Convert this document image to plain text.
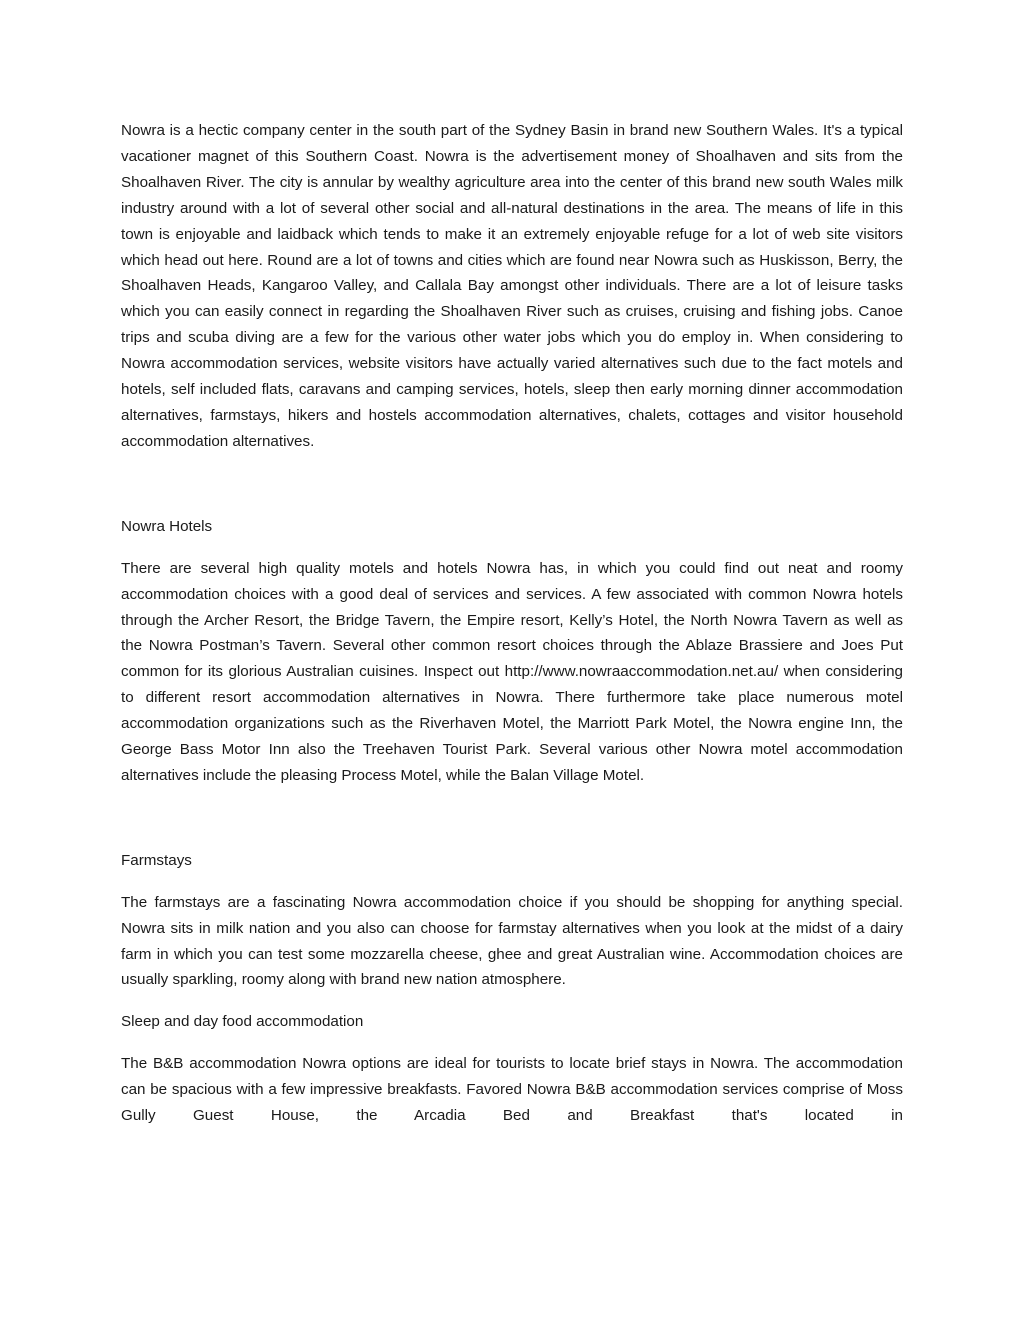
Nowra is a hectic company center in the south part of the Sydney Basin in brand new Southern Wales. It's a typical vacationer magnet of this Southern Coast. Nowra is the advertisement money of Shoalhaven and sits from the Shoalhaven River. The city is annular by wealthy agriculture area into the center of this brand new south Wales milk industry around with a lot of several other social and all-natural destinations in the area. The means of life in this town is enjoyable and laidback which tends to make it an extremely enjoyable refuge for a lot of web site visitors which head out here. Round are a lot of towns and cities which are found near Nowra such as Huskisson, Berry, the Shoalhaven Heads, Kangaroo Valley, and Callala Bay amongst other individuals. There are a lot of leisure tasks which you can easily connect in regarding the Shoalhaven River such as cruises, cruising and fishing jobs. Canoe trips and scuba diving are a few for the various other water jobs which you do employ in. When considering to Nowra accommodation services, website visitors have actually varied alternatives such due to the fact motels and hotels, self included flats, caravans and camping services, hotels, sleep then early morning dinner accommodation alternatives, farmstays, hikers and hostels accommodation alternatives, chalets, cottages and visitor household accommodation alternatives.

Nowra Hotels

There are several high quality motels and hotels Nowra has, in which you could find out neat and roomy accommodation choices with a good deal of services and services. A few associated with common Nowra hotels through the Archer Resort, the Bridge Tavern, the Empire resort, Kelly’s Hotel, the North Nowra Tavern as well as the Nowra Postman’s Tavern. Several other common resort choices through the Ablaze Brassiere and Joes Put common for its glorious Australian cuisines. Inspect out http://www.nowraaccommodation.net.au/ when considering to different resort accommodation alternatives in Nowra. There furthermore take place numerous motel accommodation organizations such as the Riverhaven Motel, the Marriott Park Motel, the Nowra engine Inn, the George Bass Motor Inn also the Treehaven Tourist Park. Several various other Nowra motel accommodation alternatives include the pleasing Process Motel, while the Balan Village Motel.

Farmstays

The farmstays are a fascinating Nowra accommodation choice if you should be shopping for anything special. Nowra sits in milk nation and you also can choose for farmstay alternatives when you look at the midst of a dairy farm in which you can test some mozzarella cheese, ghee and great Australian wine. Accommodation choices are usually sparkling, roomy along with brand new nation atmosphere.

Sleep and day food accommodation

The B&B accommodation Nowra options are ideal for tourists to locate brief stays in Nowra. The accommodation can be spacious with a few impressive breakfasts. Favored Nowra B&B accommodation services comprise of Moss Gully Guest House, the Arcadia Bed and Breakfast that's located in
